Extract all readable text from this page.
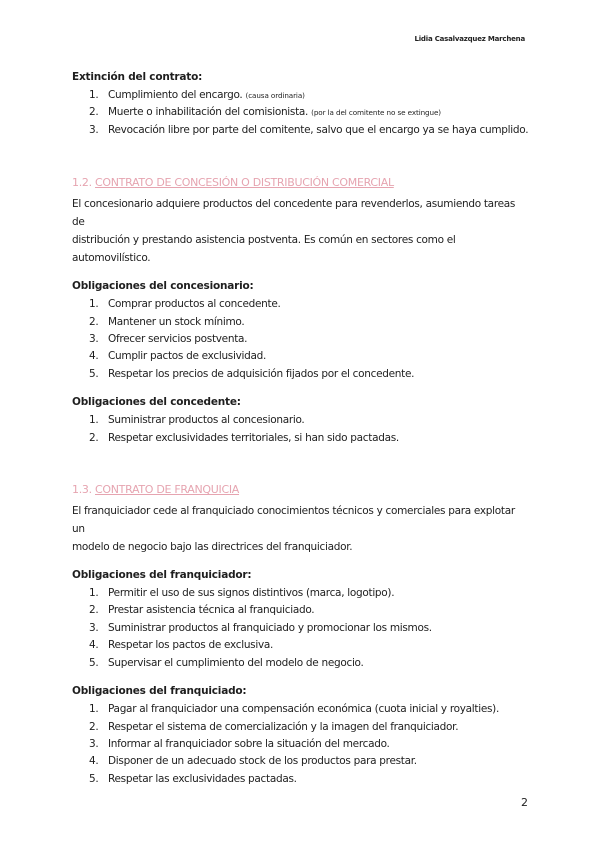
Lidia Casalvazquez Marchena

Extinción del contrato:

1. Cumplimiento del encargo. (causa ordinaria)
2. Muerte o inhabilitación del comisionista. (por la del comitente no se extingue)
3. Revocación libre por parte del comitente, salvo que el encargo ya se haya cumplido.

1.2. CONTRATO DE CONCESIÓN O DISTRIBUCIÓN COMERCIAL

El concesionario adquiere productos del concedente para revenderlos, asumiendo tareas de

distribución y prestando asistencia postventa. Es común en sectores como el

automovilístico.

Obligaciones del concesionario:

1. Comprar productos al concedente.
2. Mantener un stock mínimo.
3. Ofrecer servicios postventa.
4. Cumplir pactos de exclusividad.
5. Respetar los precios de adquisición fijados por el concedente.

Obligaciones del concedente:

1. Suministrar productos al concesionario.
2. Respetar exclusividades territoriales, si han sido pactadas.

1.3. CONTRATO DE FRANQUICIA

El franquiciador cede al franquiciado conocimientos técnicos y comerciales para explotar un

modelo de negocio bajo las directrices del franquiciador.

Obligaciones del franquiciador:

1. Permitir el uso de sus signos distintivos (marca, logotipo).
2. Prestar asistencia técnica al franquiciado.
3. Suministrar productos al franquiciado y promocionar los mismos.
4. Respetar los pactos de exclusiva.
5. Supervisar el cumplimiento del modelo de negocio.

Obligaciones del franquiciado:

1. Pagar al franquiciador una compensación económica (cuota inicial y royalties).
2. Respetar el sistema de comercialización y la imagen del franquiciador.
3. Informar al franquiciador sobre la situación del mercado.
4. Disponer de un adecuado stock de los productos para prestar.
5. Respetar las exclusividades pactadas.
2
